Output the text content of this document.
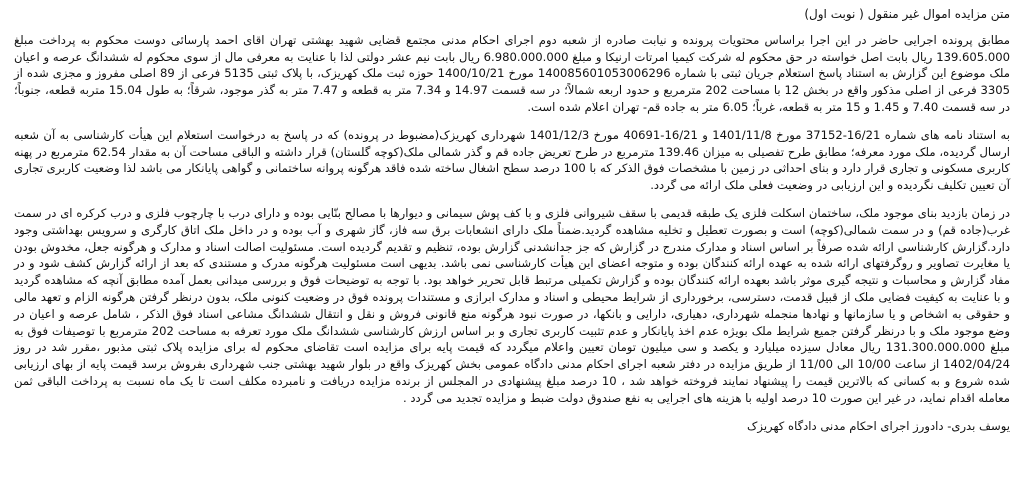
متن مزایده اموال غیر منقول ( نوبت اول)

مطابق پرونده اجرایی حاضر در این اجرا براساس محتویات پرونده و نیابت صادره از شعبه دوم اجرای احکام مدنی مجتمع قضایی شهید بهشتی تهران اقای احمد پارسائی دوست محکوم به پرداخت مبلغ 139.605.000 ریال بابت اصل خواسته در حق محکوم له شرکت کیمیا امرتات ارنیکا و مبلغ 6.980.000.000 ریال بابت نیم عشر دولتی لذا با عنایت به معرفی مال از سوی محکوم له ششدانگ عرصه و اعیان ملک موضوع این گزارش به استناد پاسخ استعلام جریان ثبتی با شماره 140085601053006296 مورخ 1400/10/21 حوزه ثبت ملک کهریزک، با پلاک ثبتی 5135 فرعی از 89 اصلی مفروز و مجزی شده از 3305 فرعی از اصلی مذکور واقع در بخش 12 با مساحت 202 مترمربع و حدود اربعه شمالاً؛ در سه قسمت 14.97 و 7.34 متر به قطعه و 7.47 متر به گذر موجود، شرقاً؛ به طول 15.04 متربه قطعه، جنوباً؛ در سه قسمت 7.40 و 1.45 و 15 متر به قطعه، غرباً؛ 6.05 متر به جاده قم- تهران اعلام شده است.

به استناد نامه های شماره 16/21-37152 مورخ 1401/11/8 و 16/21-40691 مورخ 1401/12/3 شهرداری کهریزک(مضبوط در پرونده) که در پاسخ به درخواست استعلام این هیأت کارشناسی به آن شعبه ارسال گردیده، ملک مورد معرفه؛ مطابق طرح تفصیلی به میزان 139.46 مترمربع در طرح تعریض جاده قم و گذر شمالی ملک(کوچه گلستان) قرار داشته و الباقی مساحت آن به مقدار 62.54 مترمربع در پهنه کاربری مسکونی و تجاری قرار دارد و بنای احداثی در زمین با مشخصات فوق الذکر که با 100 درصد سطح اشغال ساخته شده فاقد هرگونه پروانه ساختمانی و گواهی پایانکار می باشد لذا وضعیت کاربری تجاری آن تعیین تکلیف نگردیده و این ارزیابی در وضعیت فعلی ملک ارائه می گردد.

در زمان بازدید بنای موجود ملک، ساختمان اسکلت فلزی یک طبقه قدیمی با سقف شیروانی فلزی و با کف پوش سیمانی و دیوارها با مصالح بنّایی بوده و دارای درب با چارچوب فلزی و درب کرکره ای در سمت غرب(جاده قم) و در سمت شمالی(کوچه) است و بصورت تعطیل و تخلیه مشاهده گردید.ضمناً ملک دارای انشعابات برق سه فاز، گاز شهری و آب بوده و در داخل ملک اتاق کارگری و سرویس بهداشتی وجود دارد.گزارش کارشناسی ارائه شده صرفاً بر اساس اسناد و مدارک مندرج در گزارش که جز جدانشدنی گزارش بوده، تنظیم و تقدیم گردیده است. مسئولیت اصالت اسناد و مدارک و هرگونه جعل، مخدوش بودن یا مغایرت تصاویر و روگرفتهای ارائه شده به عهده ارائه کنندگان بوده و متوجه اعضای این هیأت کارشناسی نمی باشد. بدیهی است مسئولیت هرگونه مدرک و مستندی که بعد از ارائه گزارش کشف شود و در مفاد گزارش و محاسبات و نتیجه گیری موثر باشد بعهده ارائه کنندگان بوده و گزارش تکمیلی مرتبط قابل تحریر خواهد بود. با توجه به توضیحات فوق و بررسی میدانی بعمل آمده مطابق آنچه که مشاهده گردید و با عنایت به کیفیت فضایی ملک از قبیل قدمت، دسترسی، برخورداری از شرایط محیطی و اسناد و مدارک ابرازی و مستندات پرونده فوق در وضعیت کنونی ملک، بدون درنظر گرفتن هرگونه الزام و تعهد مالی و حقوقی به اشخاص و یا سازمانها و نهادها منجمله شهرداری، دهیاری، دارایی و بانکها، در صورت نبود هرگونه منع قانونی فروش و نقل و انتقال ششدانگ مشاعی اسناد فوق الذکر ، شامل عرصه و اعیان در وضع موجود ملک و با درنظر گرفتن جمیع شرایط ملک بویژه عدم اخذ پایانکار و عدم تثبیت کاربری تجاری و بر اساس ارزش کارشناسی ششدانگ ملک مورد تعرفه به مساحت 202 مترمربع با توصیفات فوق به مبلغ 131.300.000.000 ریال معادل سیزده میلیارد و یکصد و سی میلیون تومان تعیین واعلام میگردد که قیمت پایه برای مزایده است تقاضای محکوم له برای مزایده پلاک ثبتی مذبور ،مقرر شد در روز 1402/04/24 از ساعت 10/00 الی 11/00 از طریق مزایده در دفتر شعبه اجرای احکام مدنی دادگاه عمومی بخش کهریزک واقع در بلوار شهید بهشتی جنب شهرداری بفروش برسد قیمت پایه از بهای ارزیابی شده شروع و به کسانی که بالاترین قیمت را پیشنهاد نمایند فروخته خواهد شد ، 10 درصد مبلغ پیشنهادی در المجلس از برنده مزایده دریافت و نامبرده مکلف است تا یک ماه نسبت به پرداخت الباقی ثمن معامله اقدام نماید، در غیر این صورت 10 درصد اولیه با هزینه های اجرایی به نفع صندوق دولت ضبط و مزایده تجدید می گردد .

یوسف بدری- دادورز اجرای احکام مدنی دادگاه کهریزک
